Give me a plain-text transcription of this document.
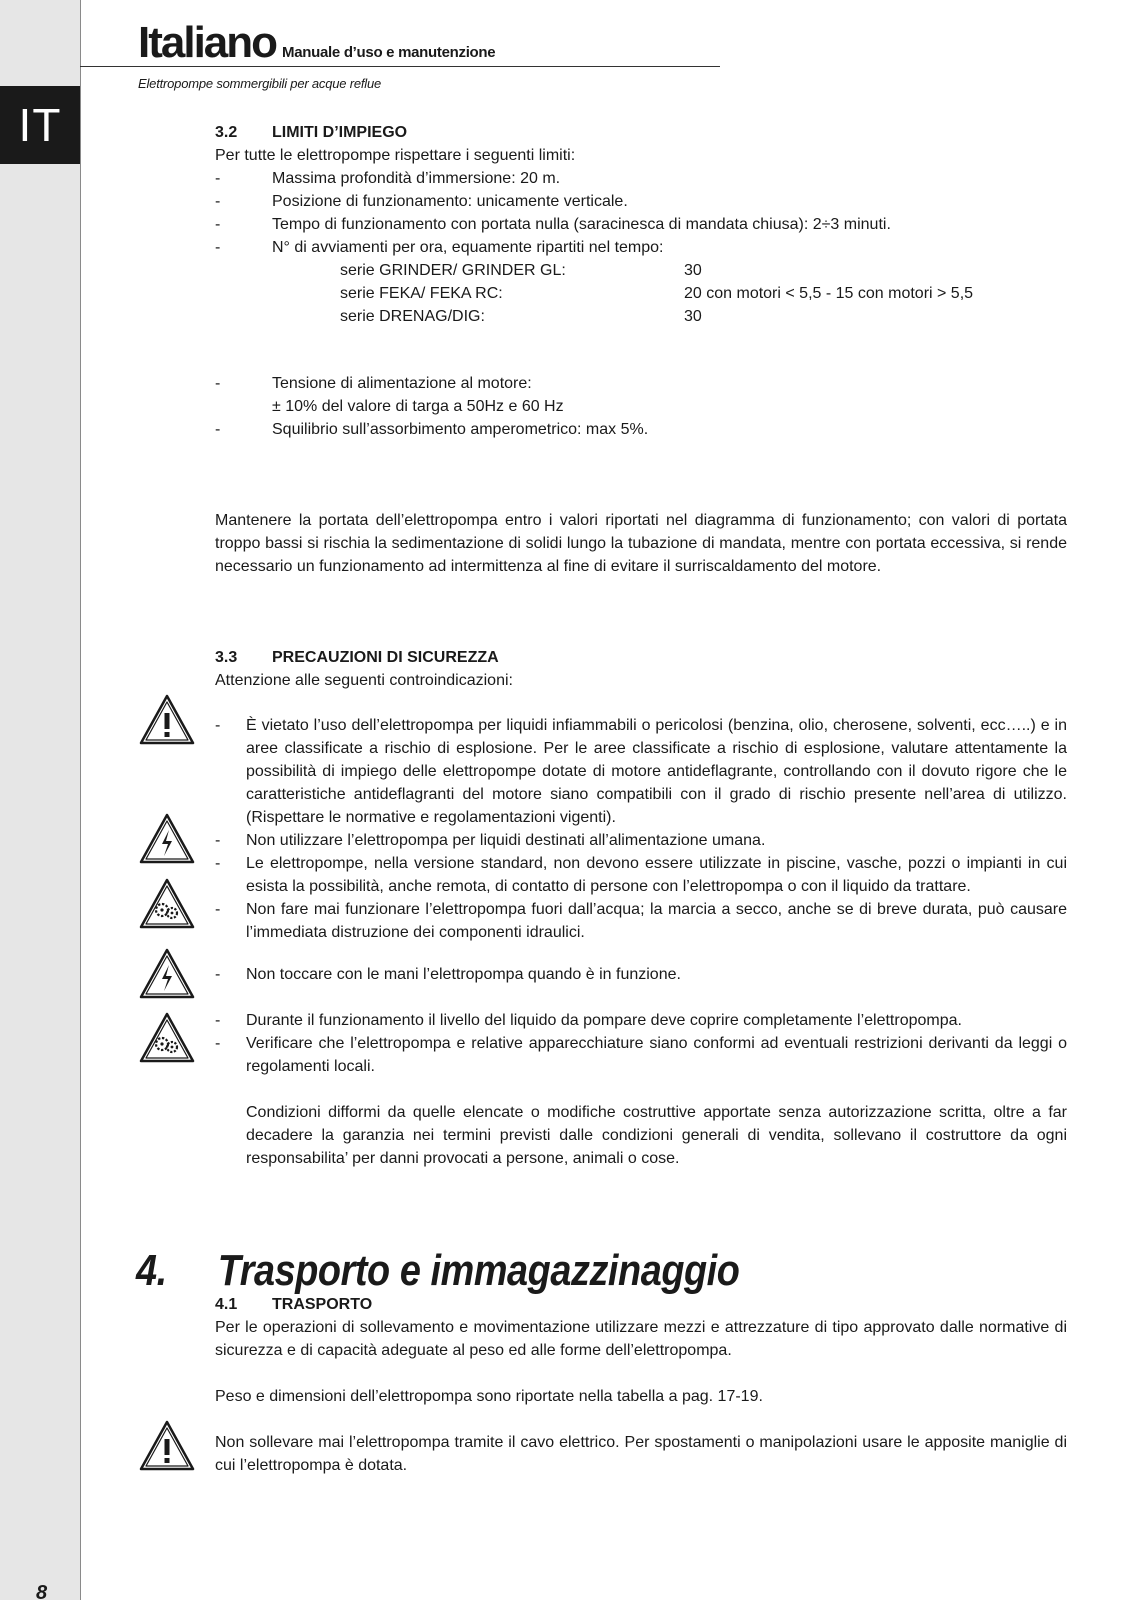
IT
8
Italiano Manuale d’uso e manutenzione
Elettropompe sommergibili per acque reflue
3.2	LIMITI D’IMPIEGO

Per tutte le elettropompe rispettare i seguenti limiti:

-	Massima profondità d’immersione: 20 m.
-	Posizione di funzionamento: unicamente verticale.
-	Tempo di funzionamento con portata nulla (saracinesca di mandata chiusa): 2÷3 minuti.
-	N° di avviamenti per ora, equamente ripartiti nel tempo:
serie GRINDER/ GRINDER GL:	30
serie FEKA/ FEKA RC:	20 con motori < 5,5 - 15 con motori > 5,5
serie DRENAG/DIG:	30
-	Tensione di alimentazione al motore:

± 10% del valore di targa a 50Hz e 60 Hz

-	Squilibrio sull’assorbimento amperometrico: max 5%.

Mantenere la portata dell’elettropompa entro i valori riportati nel diagramma di funzionamento; con valori di portata troppo bassi si rischia la sedimentazione di solidi lungo la tubazione di mandata, mentre con portata eccessiva, si rende necessario un funzionamento ad intermittenza al fine di evitare il surriscaldamento del motore.

3.3	PRECAUZIONI DI SICUREZZA

Attenzione alle seguenti controindicazioni:

-	È vietato l’uso dell’elettropompa per liquidi infiammabili o pericolosi (benzina, olio, cherosene, solventi, ecc…..) e in aree classificate a rischio di esplosione. Per le aree classificate a rischio di esplosione, valutare attentamente la possibilità di impiego delle elettropompe dotate di motore antideflagrante, controllando con il dovuto rigore che le caratteristiche antideflagranti del motore siano compatibili con il grado di rischio presente nell’area di utilizzo. (Rispettare le normative e regolamentazioni vigenti).
-	Non utilizzare l’elettropompa per liquidi destinati all’alimentazione umana.
-	Le elettropompe, nella versione standard, non devono essere utilizzate in piscine, vasche, pozzi o impianti in cui esista la possibilità, anche remota, di contatto di persone con l’elettropompa o con il liquido da trattare.
-	Non fare mai funzionare l’elettropompa fuori dall’acqua; la marcia a secco, anche se di breve durata, può causare l’immediata distruzione dei componenti idraulici.
-	Non toccare con le mani l’elettropompa quando è in funzione.
-	Durante il funzionamento il livello del liquido da pompare deve coprire completamente l’elettropompa.
-	Verificare che l’elettropompa e relative apparecchiature siano conformi ad eventuali restrizioni derivanti da leggi o regolamenti locali.

Condizioni difformi da quelle elencate o modifiche costruttive apportate senza autorizzazione scritta, oltre a far decadere la garanzia nei termini previsti dalle condizioni generali di vendita, sollevano il costruttore da ogni responsabilita’ per danni provocati a persone, animali o cose.

4. Trasporto e immagazzinaggio
4.1	TRASPORTO

Per le operazioni di sollevamento e movimentazione utilizzare mezzi e attrezzature di tipo approvato dalle normative di sicurezza e di capacità adeguate al peso ed alle forme dell’elettropompa.

Peso e dimensioni dell’elettropompa sono riportate nella tabella a pag. 17-19.

Non sollevare mai l’elettropompa tramite il cavo elettrico. Per spostamenti o manipolazioni usare le apposite maniglie di cui l’elettropompa è dotata.
